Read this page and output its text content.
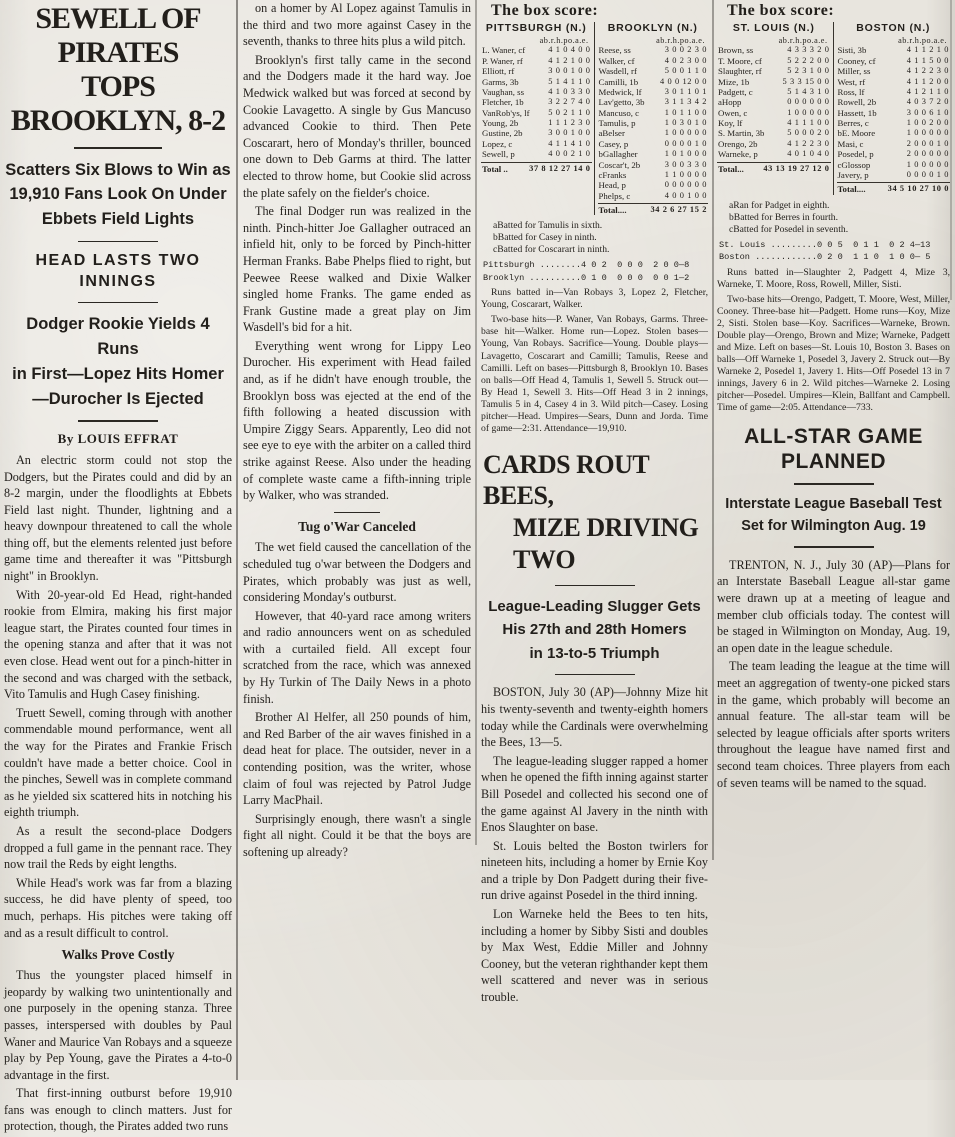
SEWELL OF PIRATES
TOPS BROOKLYN, 8-2
Scatters Six Blows to Win as
19,910 Fans Look On Under
Ebbets Field Lights
HEAD LASTS TWO INNINGS
Dodger Rookie Yields 4 Runs
in First—Lopez Hits Homer
—Durocher Is Ejected
By LOUIS EFFRAT

An electric storm could not stop the Dodgers, but the Pirates could and did by an 8-2 margin, under the floodlights at Ebbets Field last night. Thunder, lightning and a heavy downpour threatened to call the whole thing off, but the elements relented just before game time and thereafter it was "Pittsburgh night" in Brooklyn.

With 20-year-old Ed Head, right-handed rookie from Elmira, making his first major league start, the Pirates counted four times in the opening stanza and after that it was not even close. Head went out for a pinch-hitter in the second and was charged with the setback, Vito Tamulis and Hugh Casey finishing.

Truett Sewell, coming through with another commendable mound performance, went all the way for the Pirates and Frankie Frisch couldn't have made a better choice. Cool in the pinches, Sewell was in complete command as he yielded six scattered hits in notching his eighth triumph.

As a result the second-place Dodgers dropped a full game in the pennant race. They now trail the Reds by eight lengths.

While Head's work was far from a blazing success, he did have plenty of speed, too much, perhaps. His pitches were taking off and as a result difficult to control.

Walks Prove Costly

Thus the youngster placed himself in jeopardy by walking two unintentionally and one purposely in the opening stanza. Three passes, interspersed with doubles by Paul Waner and Maurice Van Robays and a squeeze play by Pep Young, gave the Pirates a 4-to-0 advantage in the first.

That first-inning outburst before 19,910 fans was enough to clinch matters. Just for protection, though, the Pirates added two runs

on a homer by Al Lopez against Tamulis in the third and two more against Casey in the seventh, thanks to three hits plus a wild pitch.

Brooklyn's first tally came in the second and the Dodgers made it the hard way. Joe Medwick walked but was forced at second by Cookie Lavagetto. A single by Gus Mancuso advanced Cookie to third. Then Pete Coscarart, hero of Monday's thriller, bounced one down to Deb Garms at third. The latter elected to throw home, but Cookie slid across the plate safely on the fielder's choice.

The final Dodger run was realized in the ninth. Pinch-hitter Joe Gallagher outraced an infield hit, only to be forced by Pinch-hitter Herman Franks. Babe Phelps flied to right, but Peewee Reese walked and Dixie Walker singled home Franks. The game ended as Frank Gustine made a great play on Jim Wasdell's bid for a hit.

Everything went wrong for Lippy Leo Durocher. His experiment with Head failed and, as if he didn't have enough trouble, the Brooklyn boss was ejected at the end of the fifth following a heated discussion with Umpire Ziggy Sears. Apparently, Leo did not see eye to eye with the arbiter on a called third strike against Reese. Also under the heading of complete waste came a fifth-inning triple by Walker, who was stranded.

Tug o'War Canceled

The wet field caused the cancellation of the scheduled tug o'war between the Dodgers and Pirates, which probably was just as well, considering Monday's outburst.

However, that 40-yard race among writers and radio announcers went on as scheduled with a curtailed field. All except four scratched from the race, which was annexed by Hy Turkin of The Daily News in a photo finish.

Brother Al Helfer, all 250 pounds of him, and Red Barber of the air waves finished in a dead heat for place. The outsider, never in a contending position, was the writer, whose claim of foul was rejected by Patrol Judge Larry MacPhail.

Surprisingly enough, there wasn't a single fight all night. Could it be that the boys are softening up already?

The box score:
PITTSBURGH (N.)
ab.r.h.po.a.e.
L. Waner, cf	4 1 0 4 0 0
P. Waner, rf	4 1 2 1 0 0
Elliott, rf	3 0 0 1 0 0
Garms, 3b	5 1 4 1 1 0
Vaughan, ss	4 1 0 3 3 0
Fletcher, 1b	3 2 2 7 4 0
VanRob'ys, lf 5 0 2 1 1 0
Young, 2b	1 1 1 2 3 0
Gustine, 2b	3 0 0 1 0 0
Lopez, c	4 1 1 4 1 0
Sewell, p	4 0 0 2 1 0
Total ..	37 8 12 27 14 0
BROOKLYN (N.)
ab.r.h.po.a.e.
Reese, ss	3 0 0 2 3 0
Walker, cf	4 0 2 3 0 0
Wasdell, rf	5 0 0 1 1 0
Camilli, 1b	4 0 0 12 0 0
Medwick, lf	3 0 1 1 0 1
Lav'getto, 3b 3 1 1 3 4 2
Mancuso, c	1 0 1 1 0 0
Tamulis, p	1 0 3 0 1 0
aBelser	1 0 0 0 0 0
Casey, p	0 0 0 0 1 0
bGallagher	1 0 1 0 0 0
Coscar't, 2b	3 0 0 3 3 0
cFranks	1 1 0 0 0 0
Head, p	0 0 0 0 0 0
Phelps, c	4 0 0 1 0 0
Total....	34 2 6 27 15 2
aBatted for Tamulis in sixth.
bBatted for Casey in ninth.
cBatted for Coscarart in ninth.
Pittsburgh ........4 0 2  0 0 0  2 0 0—8
Brooklyn ..........0 1 0  0 0 0  0 0 1—2

Runs batted in—Van Robays 3, Lopez 2, Fletcher, Young, Coscarart, Walker.

Two-base hits—P. Waner, Van Robays, Garms. Three-base hit—Walker. Home run—Lopez. Stolen bases—Young, Van Robays. Sacrifice—Young. Double plays—Lavagetto, Coscarart and Camilli; Tamulis, Reese and Camilli. Left on bases—Pittsburgh 8, Brooklyn 10. Bases on balls—Off Head 4, Tamulis 1, Sewell 5. Struck out—By Head 1, Sewell 3. Hits—Off Head 3 in 2 innings, Tamulis 5 in 4, Casey 4 in 3. Wild pitch—Casey. Losing pitcher—Head. Umpires—Sears, Dunn and Jorda. Time of game—2:31. Attendance—19,910.

CARDS ROUT BEES,
MIZE DRIVING TWO
League-Leading Slugger Gets
His 27th and 28th Homers
in 13-to-5 Triumph

BOSTON, July 30 (AP)—Johnny Mize hit his twenty-seventh and twenty-eighth homers today while the Cardinals were overwhelming the Bees, 13—5.

The league-leading slugger rapped a homer when he opened the fifth inning against starter Bill Posedel and collected his second one of the game against Al Javery in the ninth with Enos Slaughter on base.

St. Louis belted the Boston twirlers for nineteen hits, including a homer by Ernie Koy and a triple by Don Padgett during their five-run drive against Posedel in the third inning.

Lon Warneke held the Bees to ten hits, including a homer by Sibby Sisti and doubles by Max West, Eddie Miller and Johnny Cooney, but the veteran righthander kept them well scattered and never was in serious trouble.

The box score:
ST. LOUIS (N.)
ab.r.h.po.a.e.
Brown, ss	4 3 3 3 2 0
T. Moore, cf	5 2 2 2 0 0
Slaughter, rf	5 2 3 1 0 0
Mize, 1b	5 3 3 15 0 0
Padgett, c	5 1 4 3 1 0
aHopp	0 0 0 0 0 0
Owen, c	1 0 0 0 0 0
Koy, lf	4 1 1 1 0 0
S. Martin, 3b	5 0 0 0 2 0
Orengo, 2b	4 1 2 2 3 0
Warneke, p	4 0 1 0 4 0
Total... 43 13 19 27 12 0
BOSTON (N.)
ab.r.h.po.a.e.
Sisti, 3b	4 1 1 2 1 0
Cooney, cf	4 1 1 5 0 0
Miller, ss	4 1 2 2 3 0
West, rf	4 1 1 2 0 0
Ross, lf	4 1 2 1 1 0
Rowell, 2b	4 0 3 7 2 0
Hassett, 1b	3 0 0 6 1 0
Berres, c	1 0 0 2 0 0
bE. Moore	1 0 0 0 0 0
Masi, c	2 0 0 0 1 0
Posedel, p	2 0 0 0 0 0
cGlossop	1 0 0 0 0 0
Javery, p	0 0 0 0 1 0
Total....	34 5 10 27 10 0
aRan for Padget in eighth.
bBatted for Berres in fourth.
cBatted for Posedel in seventh.
St. Louis .........0 0 5  0 1 1  0 2 4—13
Boston ............0 2 0  1 1 0  1 0 0— 5

Runs batted in—Slaughter 2, Padgett 4, Mize 3, Warneke, T. Moore, Ross, Rowell, Miller, Sisti.

Two-base hits—Orengo, Padgett, T. Moore, West, Miller, Cooney. Three-base hit—Padgett. Home runs—Koy, Mize 2, Sisti. Stolen base—Koy. Sacrifices—Warneke, Brown. Double play—Orengo, Brown and Mize; Warneke, Padgett and Mize. Left on bases—St. Louis 10, Boston 3. Bases on balls—Off Warneke 1, Posedel 3, Javery 2. Struck out—By Warneke 2, Posedel 1, Javery 1. Hits—Off Posedel 13 in 7 innings, Javery 6 in 2. Wild pitches—Warneke 2. Losing pitcher—Posedel. Umpires—Klein, Ballfant and Campbell. Time of game—2:05. Attendance—733.

ALL-STAR GAME PLANNED
Interstate League Baseball Test
Set for Wilmington Aug. 19

TRENTON, N. J., July 30 (AP)—Plans for an Interstate Baseball League all-star game were drawn up at a meeting of league and member club officials today. The contest will be staged in Wilmington on Monday, Aug. 19, an open date in the league schedule.

The team leading the league at the time will meet an aggregation of twenty-one picked stars in the game, which probably will become an annual feature. The all-star team will be selected by league officials after sports writers throughout the league have named first and second team choices. Three players from each of seven teams will be named to the squad.
